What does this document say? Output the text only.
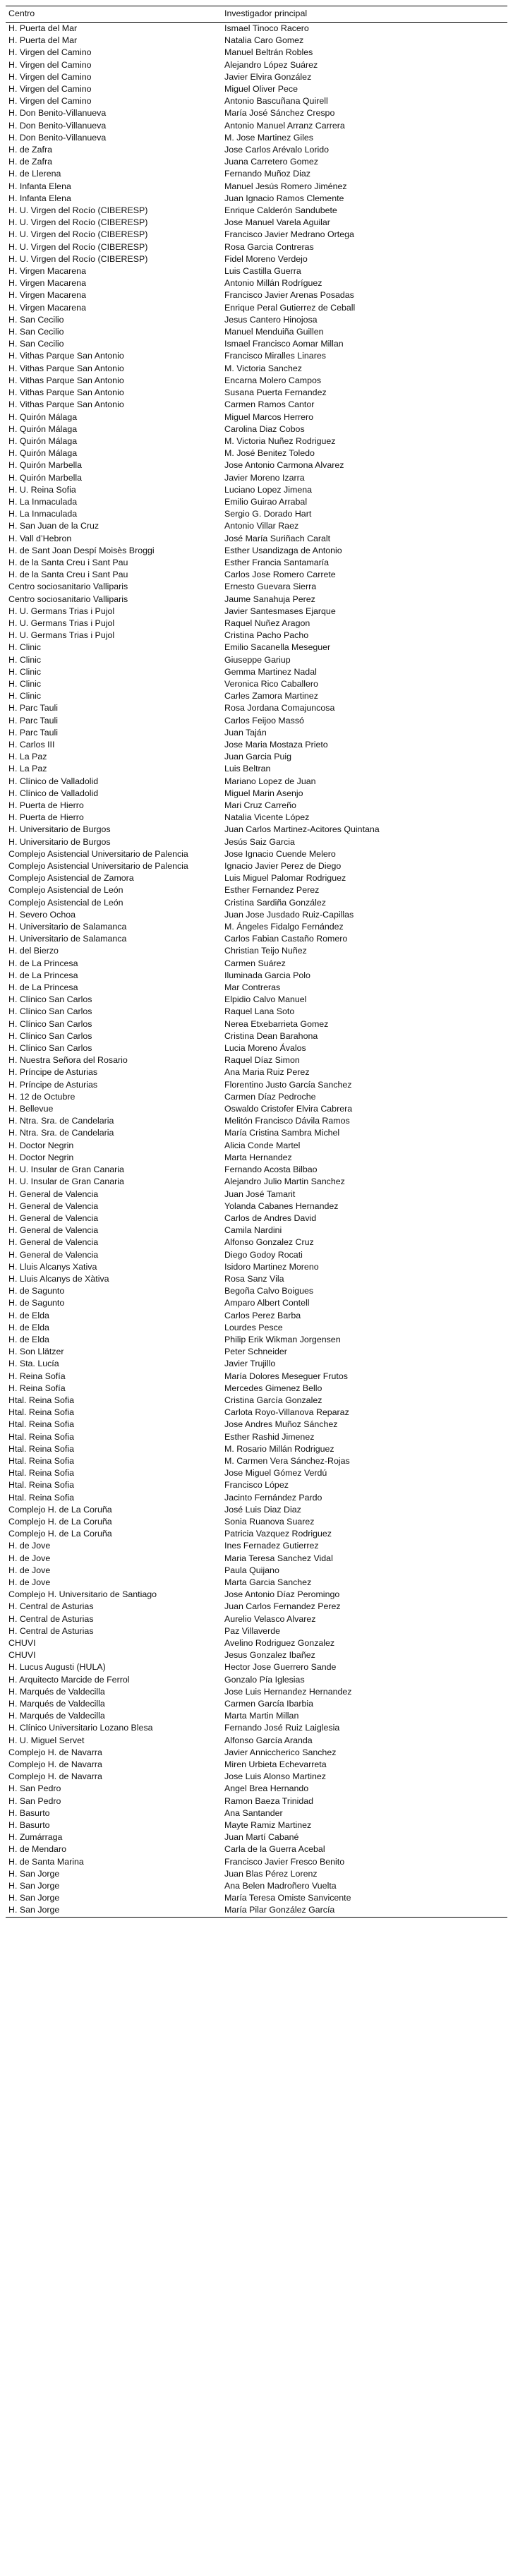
Centro	Investigador principal
H. Puerta del Mar	Ismael Tinoco Racero
H. Puerta del Mar	Natalia Caro Gomez
H. Virgen del Camino	Manuel Beltrán Robles
H. Virgen del Camino	Alejandro López Suárez
H. Virgen del Camino	Javier Elvira González
H. Virgen del Camino	Miguel Oliver Pece
H. Virgen del Camino	Antonio Bascuñana Quirell
H. Don Benito-Villanueva	María José Sánchez Crespo
H. Don Benito-Villanueva	Antonio Manuel Arranz Carrera
H. Don Benito-Villanueva	M. Jose Martinez Giles
H. de Zafra	Jose Carlos Arévalo Lorido
H. de Zafra	Juana Carretero Gomez
H. de Llerena	Fernando Muñoz Diaz
H. Infanta Elena	Manuel Jesús Romero Jiménez
H. Infanta Elena	Juan Ignacio Ramos Clemente
H. U. Virgen del Rocío (CIBERESP)	Enrique Calderón Sandubete
H. U. Virgen del Rocío (CIBERESP)	Jose Manuel Varela Aguilar
H. U. Virgen del Rocío (CIBERESP)	Francisco Javier Medrano Ortega
H. U. Virgen del Rocío (CIBERESP)	Rosa Garcia Contreras
H. U. Virgen del Rocío (CIBERESP)	Fidel Moreno Verdejo
H. Virgen Macarena	Luis Castilla Guerra
H. Virgen Macarena	Antonio Millán Rodríguez
H. Virgen Macarena	Francisco Javier Arenas Posadas
H. Virgen Macarena	Enrique Peral Gutierrez de Ceball
H. San Cecilio	Jesus Cantero Hinojosa
H. San Cecilio	Manuel Menduiña Guillen
H. San Cecilio	Ismael Francisco Aomar Millan
H. Vithas Parque San Antonio	Francisco Miralles Linares
H. Vithas Parque San Antonio	M. Victoria Sanchez
H. Vithas Parque San Antonio	Encarna Molero Campos
H. Vithas Parque San Antonio	Susana Puerta Fernandez
H. Vithas Parque San Antonio	Carmen Ramos Cantor
H. Quirón Málaga	Miguel Marcos Herrero
H. Quirón Málaga	Carolina Diaz Cobos
H. Quirón Málaga	M. Victoria Nuñez Rodriguez
H. Quirón Málaga	M. José Benitez Toledo
H. Quirón Marbella	Jose Antonio Carmona Alvarez
H. Quirón Marbella	Javier Moreno Izarra
H. U. Reina Sofia	Luciano Lopez Jimena
H. La Inmaculada	Emilio Guirao Arrabal
H. La Inmaculada	Sergio G. Dorado Hart
H. San Juan de la Cruz	Antonio Villar Raez
H. Vall d’Hebron	José María Suriñach Caralt
H. de Sant Joan Despí Moisès Broggi	Esther Usandizaga de Antonio
H. de la Santa Creu i Sant Pau	Esther Francia Santamaría
H. de la Santa Creu i Sant Pau	Carlos Jose Romero Carrete
Centro sociosanitario Valliparis	Ernesto Guevara Sierra
Centro sociosanitario Valliparis	Jaume Sanahuja Perez
H. U. Germans Trias i Pujol	Javier Santesmases Ejarque
H. U. Germans Trias i Pujol	Raquel Nuñez Aragon
H. U. Germans Trias i Pujol	Cristina Pacho Pacho
H. Clinic	Emilio Sacanella Meseguer
H. Clinic	Giuseppe Gariup
H. Clinic	Gemma Martinez Nadal
H. Clinic	Veronica Rico Caballero
H. Clinic	Carles Zamora Martinez
H. Parc Tauli	Rosa Jordana Comajuncosa
H. Parc Tauli	Carlos Feijoo Massó
H. Parc Tauli	Juan Taján
H. Carlos III	Jose Maria Mostaza Prieto
H. La Paz	Juan Garcia Puig
H. La Paz	Luis Beltran
H. Clínico de Valladolid	Mariano Lopez de Juan
H. Clínico de Valladolid	Miguel Marin Asenjo
H. Puerta de Hierro	Mari Cruz Carreño
H. Puerta de Hierro	Natalia Vicente López
H. Universitario de Burgos	Juan Carlos Martinez-Acitores Quintana
H. Universitario de Burgos	Jesús Saiz Garcia
Complejo Asistencial Universitario de Palencia	Jose Ignacio Cuende Melero
Complejo Asistencial Universitario de Palencia	Ignacio Javier Perez de Diego
Complejo Asistencial de Zamora	Luis Miguel Palomar Rodriguez
Complejo Asistencial de León	Esther Fernandez Perez
Complejo Asistencial de León	Cristina Sardiña González
H. Severo Ochoa	Juan Jose Jusdado Ruiz-Capillas
H. Universitario de Salamanca	M. Ángeles Fidalgo Fernández
H. Universitario de Salamanca	Carlos Fabian Castaño Romero
H. del Bierzo	Christian Teijo Nuñez
H. de La Princesa	Carmen Suárez
H. de La Princesa	Iluminada Garcia Polo
H. de La Princesa	Mar Contreras
H. Clínico San Carlos	Elpidio Calvo Manuel
H. Clínico San Carlos	Raquel Lana Soto
H. Clínico San Carlos	Nerea Etxebarrieta Gomez
H. Clínico San Carlos	Cristina Dean Barahona
H. Clínico San Carlos	Lucia Moreno Ávalos
H. Nuestra Señora del Rosario	Raquel Díaz Simon
H. Príncipe de Asturias	Ana Maria Ruiz Perez
H. Príncipe de Asturias	Florentino Justo García Sanchez
H. 12 de Octubre	Carmen Díaz Pedroche
H. Bellevue	Oswaldo Cristofer Elvira Cabrera
H. Ntra. Sra. de Candelaria	Melitón Francisco Dávila Ramos
H. Ntra. Sra. de Candelaria	María Cristina Sambra Michel
H. Doctor Negrin	Alicia Conde Martel
H. Doctor Negrin	Marta Hernandez
H. U. Insular de Gran Canaria	Fernando Acosta Bilbao
H. U. Insular de Gran Canaria	Alejandro Julio Martin Sanchez
H. General de Valencia	Juan José Tamarit
H. General de Valencia	Yolanda Cabanes Hernandez
H. General de Valencia	Carlos de Andres David
H. General de Valencia	Camila Nardini
H. General de Valencia	Alfonso Gonzalez Cruz
H. General de Valencia	Diego Godoy Rocati
H. Lluis Alcanys Xativa	Isidoro Martinez Moreno
H. Lluis Alcanys de Xàtiva	Rosa Sanz Vila
H. de Sagunto	Begoña Calvo Boigues
H. de Sagunto	Amparo Albert Contell
H. de Elda	Carlos Perez Barba
H. de Elda	Lourdes Pesce
H. de Elda	Philip Erik Wikman Jorgensen
H. Son Llätzer	Peter Schneider
H. Sta. Lucía	Javier Trujillo
H. Reina Sofía	María Dolores Meseguer Frutos
H. Reina Sofía	Mercedes Gimenez Bello
Htal. Reina Sofia	Cristina García Gonzalez
Htal. Reina Sofia	Carlota Royo-Villanova Reparaz
Htal. Reina Sofia	Jose Andres Muñoz Sánchez
Htal. Reina Sofia	Esther Rashid Jimenez
Htal. Reina Sofia	M. Rosario Millán Rodriguez
Htal. Reina Sofia	M. Carmen Vera Sánchez-Rojas
Htal. Reina Sofia	Jose Miguel Gómez Verdú
Htal. Reina Sofia	Francisco López
Htal. Reina Sofia	Jacinto Fernández Pardo
Complejo H. de La Coruña	José Luis Diaz Diaz
Complejo H. de La Coruña	Sonia Ruanova Suarez
Complejo H. de La Coruña	Patricia Vazquez Rodriguez
H. de Jove	Ines Fernadez Gutierrez
H. de Jove	Maria Teresa Sanchez Vidal
H. de Jove	Paula Quijano
H. de Jove	Marta Garcia Sanchez
Complejo H. Universitario de Santiago	Jose Antonio Díaz Peromingo
H. Central de Asturias	Juan Carlos Fernandez Perez
H. Central de Asturias	Aurelio Velasco Alvarez
H. Central de Asturias	Paz Villaverde
CHUVI	Avelino Rodriguez Gonzalez
CHUVI	Jesus Gonzalez Ibañez
H. Lucus Augusti (HULA)	Hector Jose Guerrero Sande
H. Arquitecto Marcide de Ferrol	Gonzalo Pía Iglesias
H. Marqués de Valdecilla	Jose Luis Hernandez Hernandez
H. Marqués de Valdecilla	Carmen García Ibarbia
H. Marqués de Valdecilla	Marta Martin Millan
H. Clínico Universitario Lozano Blesa	Fernando José Ruiz Laiglesia
H. U. Miguel Servet	Alfonso García Aranda
Complejo H. de Navarra	Javier Anniccherico Sanchez
Complejo H. de Navarra	Miren Urbieta Echevarreta
Complejo H. de Navarra	Jose Luis Alonso Martinez
H. San Pedro	Angel Brea Hernando
H. San Pedro	Ramon Baeza Trinidad
H. Basurto	Ana Santander
H. Basurto	Mayte Ramiz Martinez
H. Zumárraga	Juan Martí Cabané
H. de Mendaro	Carla de la Guerra Acebal
H. de Santa Marina	Francisco Javier Fresco Benito
H. San Jorge	Juan Blas Pérez Lorenz
H. San Jorge	Ana Belen Madroñero Vuelta
H. San Jorge	María Teresa Omiste Sanvicente
H. San Jorge	María Pilar González García
